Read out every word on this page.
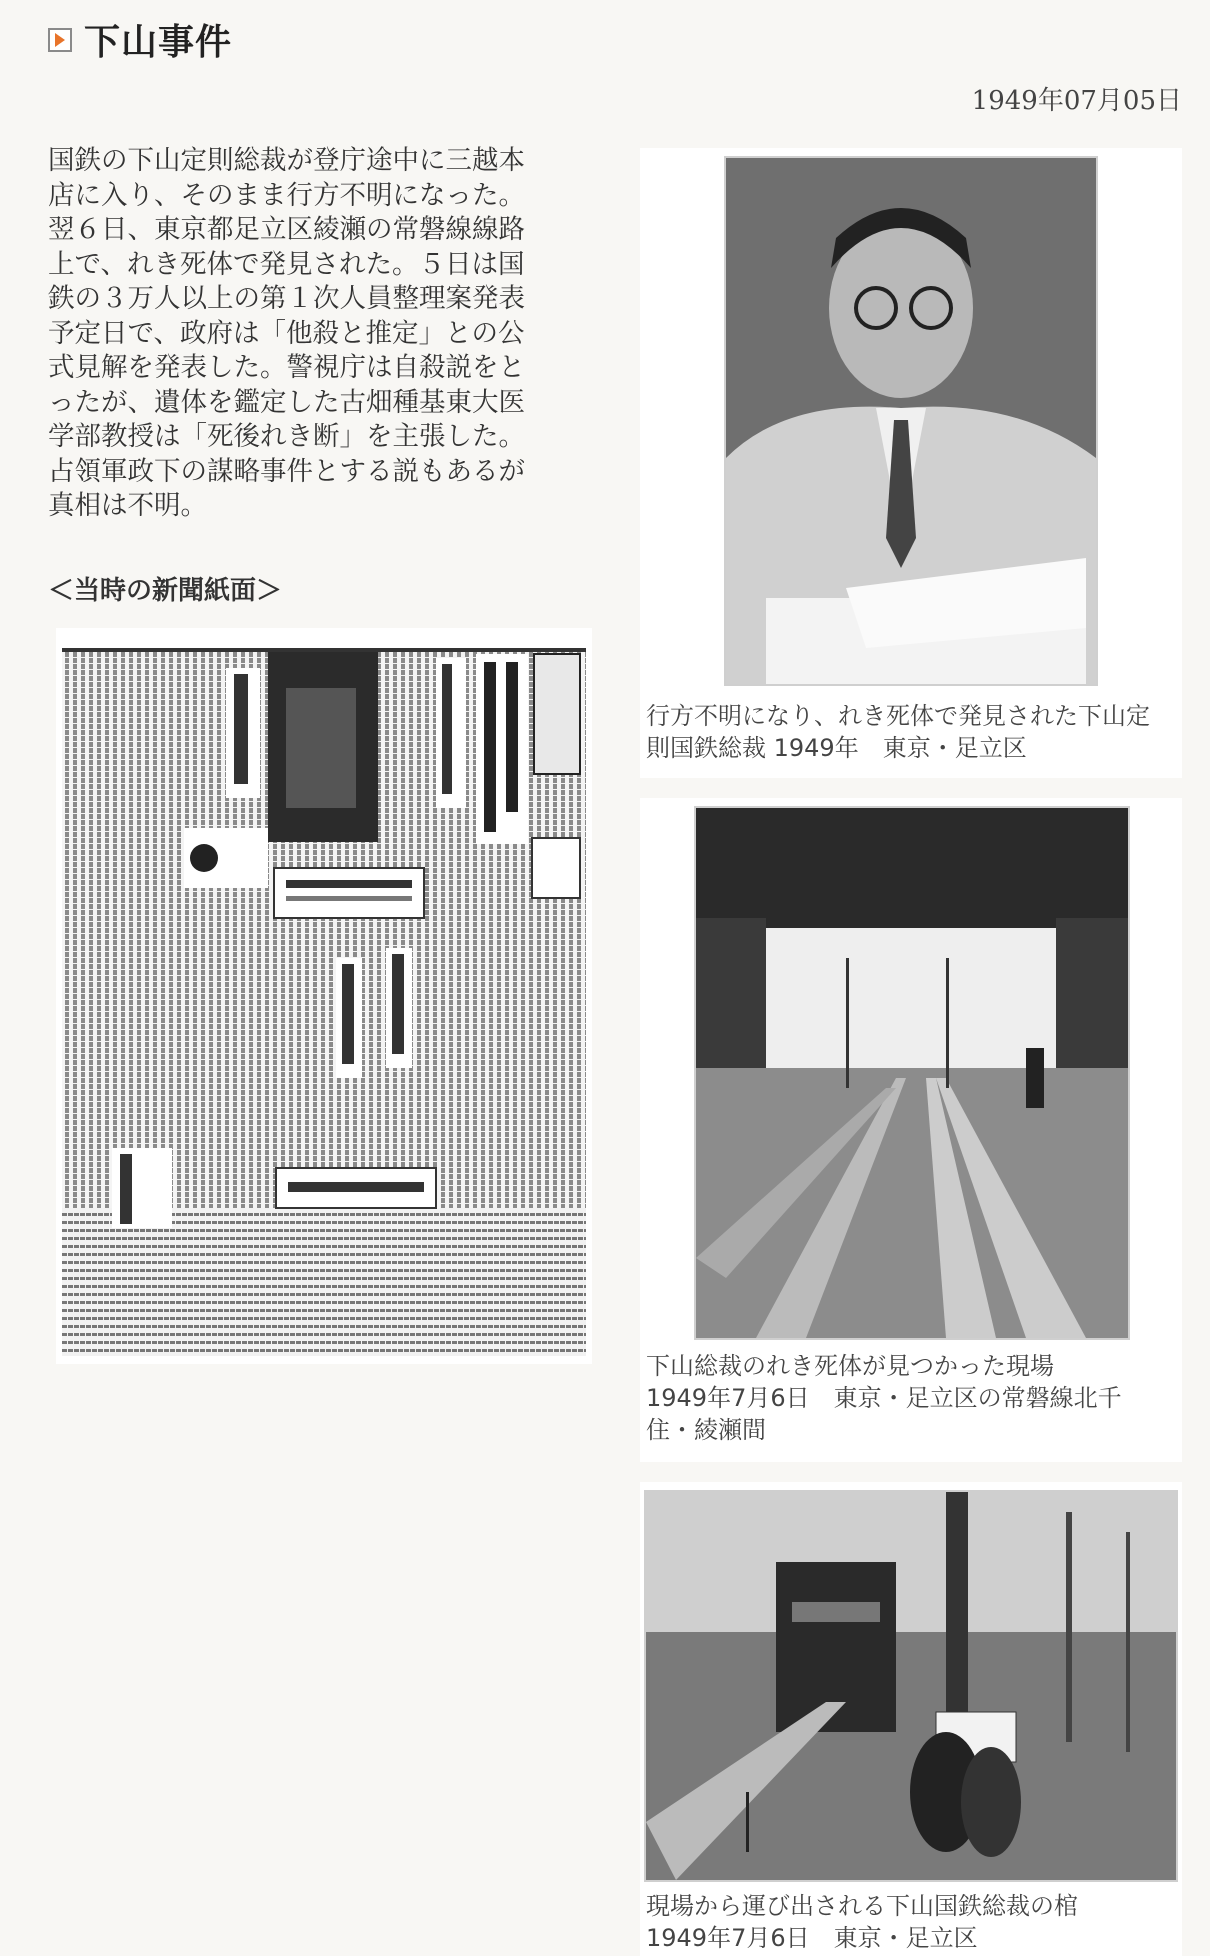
下山事件
1949年07月05日
国鉄の下山定則総裁が登庁途中に三越本
店に入り、そのまま行方不明になった。
翌６日、東京都足立区綾瀬の常磐線線路
上で、れき死体で発見された。５日は国
鉄の３万人以上の第１次人員整理案発表
予定日で、政府は「他殺と推定」との公
式見解を発表した。警視庁は自殺説をと
ったが、遺体を鑑定した古畑種基東大医
学部教授は「死後れき断」を主張した。
占領軍政下の謀略事件とする説もあるが
真相は不明。
＜当時の新聞紙面＞

行方不明になり、れき死体で発見された下山定

則国鉄総裁 1949年　東京・足立区

下山総裁のれき死体が見つかった現場

1949年7月6日　東京・足立区の常磐線北千

住・綾瀬間

現場から運び出される下山国鉄総裁の棺

1949年7月6日　東京・足立区
